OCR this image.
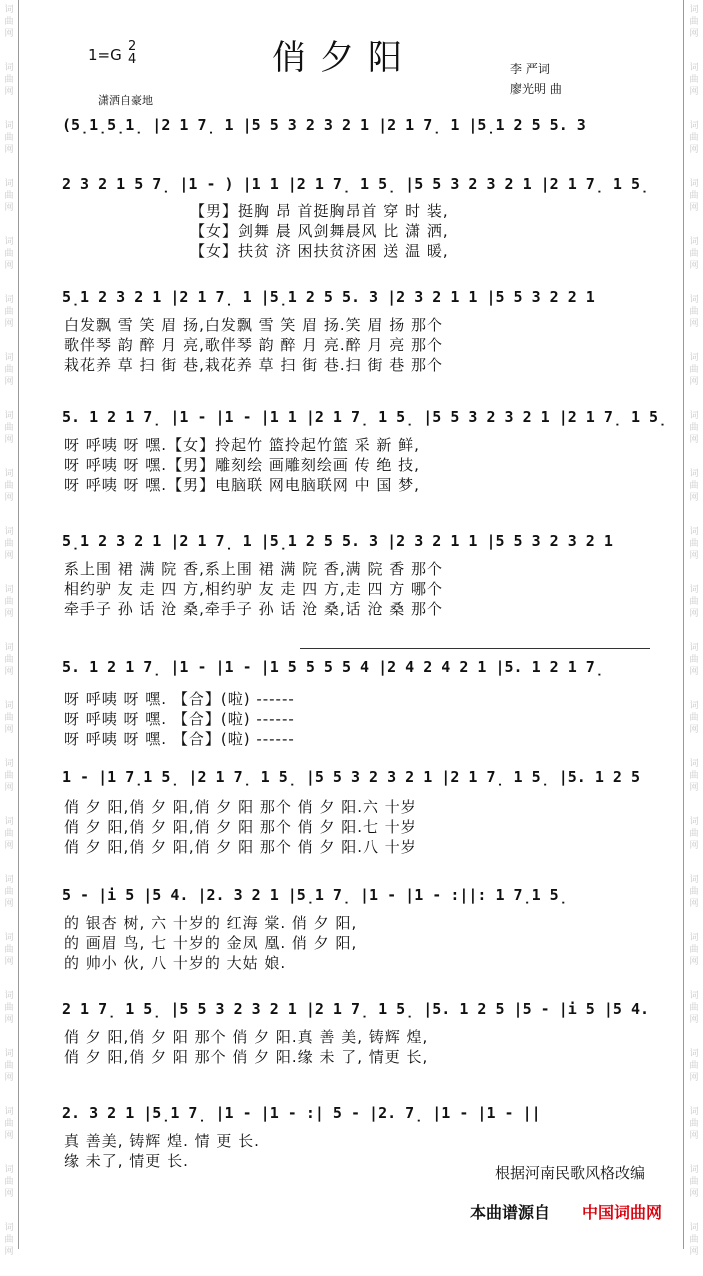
词
曲
网
词
曲
网
词
曲
网
词
曲
网
词
曲
网
词
曲
网
词
曲
网
词
曲
网
词
曲
网
词
曲
网
词
曲
网
词
曲
网
词
曲
网
词
曲
网
词
曲
网
词
曲
网
词
曲
网
词
曲
网
词
曲
网
词
曲
网
词
曲
网
词
曲
网
词
曲
网
词
曲
网
词
曲
网
词
曲
网
词
曲
网
词
曲
网
词
曲
网
词
曲
网
词
曲
网
词
曲
网
词
曲
网
词
曲
网
词
曲
网
词
曲
网
词
曲
网
词
曲
网
词
曲
网
词
曲
网
词
曲
网
词
曲
网
词
曲
网
词
曲
网
俏夕阳
1=G 2
4
潇洒自豪地
李 严词
廖光明 曲
(5̣1̣5̣1̣ |2 1 7̣ 1 |5 5 3 2 3 2 1 |2 1 7̣ 1 |5̣1 2 5 5. 3
2 3 2 1 5 7̣ |1 - ) |1 1 |2 1 7̣ 1 5̣ |5 5 3 2 3 2 1 |2 1 7̣ 1 5̣
【男】挺胸 昂 首挺胸昂首 穿 时 装,
【女】剑舞 晨 风剑舞晨风 比 潇 洒,
【女】扶贫 济 困扶贫济困 送 温 暖,
5̣1 2 3 2 1 |2 1 7̣ 1 |5̣1 2 5 5. 3 |2 3 2 1 1 |5 5 3 2 2 1
白发飘 雪 笑 眉 扬,白发飘 雪 笑 眉 扬.笑 眉 扬 那个
歌伴琴 韵 醉 月 亮,歌伴琴 韵 醉 月 亮.醉 月 亮 那个
栽花养 草 扫 街 巷,栽花养 草 扫 街 巷.扫 街 巷 那个
5. 1 2 1 7̣ |1 - |1 - |1 1 |2 1 7̣ 1 5̣ |5 5 3 2 3 2 1 |2 1 7̣ 1 5̣
呀 呼咦 呀 嘿.【女】拎起竹 篮拎起竹篮 采 新 鲜,
呀 呼咦 呀 嘿.【男】雕刻绘 画雕刻绘画 传 绝 技,
呀 呼咦 呀 嘿.【男】电脑联 网电脑联网 中 国 梦,
5̣1 2 3 2 1 |2 1 7̣ 1 |5̣1 2 5 5. 3 |2 3 2 1 1 |5 5 3 2 3 2 1
系上围 裙 满 院 香,系上围 裙 满 院 香,满 院 香 那个
相约驴 友 走 四 方,相约驴 友 走 四 方,走 四 方 哪个
牵手子 孙 话 沧 桑,牵手子 孙 话 沧 桑,话 沧 桑 那个
5. 1 2 1 7̣ |1 - |1 - |1 5 5 5 5 4 |2 4 2 4 2 1 |5. 1 2 1 7̣
呀 呼咦 呀 嘿. 【合】(啦) ------
呀 呼咦 呀 嘿. 【合】(啦) ------
呀 呼咦 呀 嘿. 【合】(啦) ------
1 - |1 7̣1 5̣ |2 1 7̣ 1 5̣ |5 5 3 2 3 2 1 |2 1 7̣ 1 5̣ |5. 1 2 5
俏 夕 阳,俏 夕 阳,俏 夕 阳 那个 俏 夕 阳.六 十岁
俏 夕 阳,俏 夕 阳,俏 夕 阳 那个 俏 夕 阳.七 十岁
俏 夕 阳,俏 夕 阳,俏 夕 阳 那个 俏 夕 阳.八 十岁
5 - |i 5 |5 4. |2. 3 2 1 |5̣1 7̣ |1 - |1 - :||: 1 7̣1 5̣
的 银杏 树, 六 十岁的 红海 棠. 俏 夕 阳,
的 画眉 鸟, 七 十岁的 金凤 凰. 俏 夕 阳,
的 帅小 伙, 八 十岁的 大姑 娘.
2 1 7̣ 1 5̣ |5 5 3 2 3 2 1 |2 1 7̣ 1 5̣ |5. 1 2 5 |5 - |i 5 |5 4.
俏 夕 阳,俏 夕 阳 那个 俏 夕 阳.真 善 美, 铸辉 煌,
俏 夕 阳,俏 夕 阳 那个 俏 夕 阳.缘 未 了, 情更 长,
2. 3 2 1 |5̣1 7̣ |1 - |1 - :| 5 - |2. 7̣ |1 - |1 - ||
真 善美, 铸辉 煌. 情 更 长.
缘 未了, 情更 长.
根据河南民歌风格改编
本曲谱源自 中国词曲网
